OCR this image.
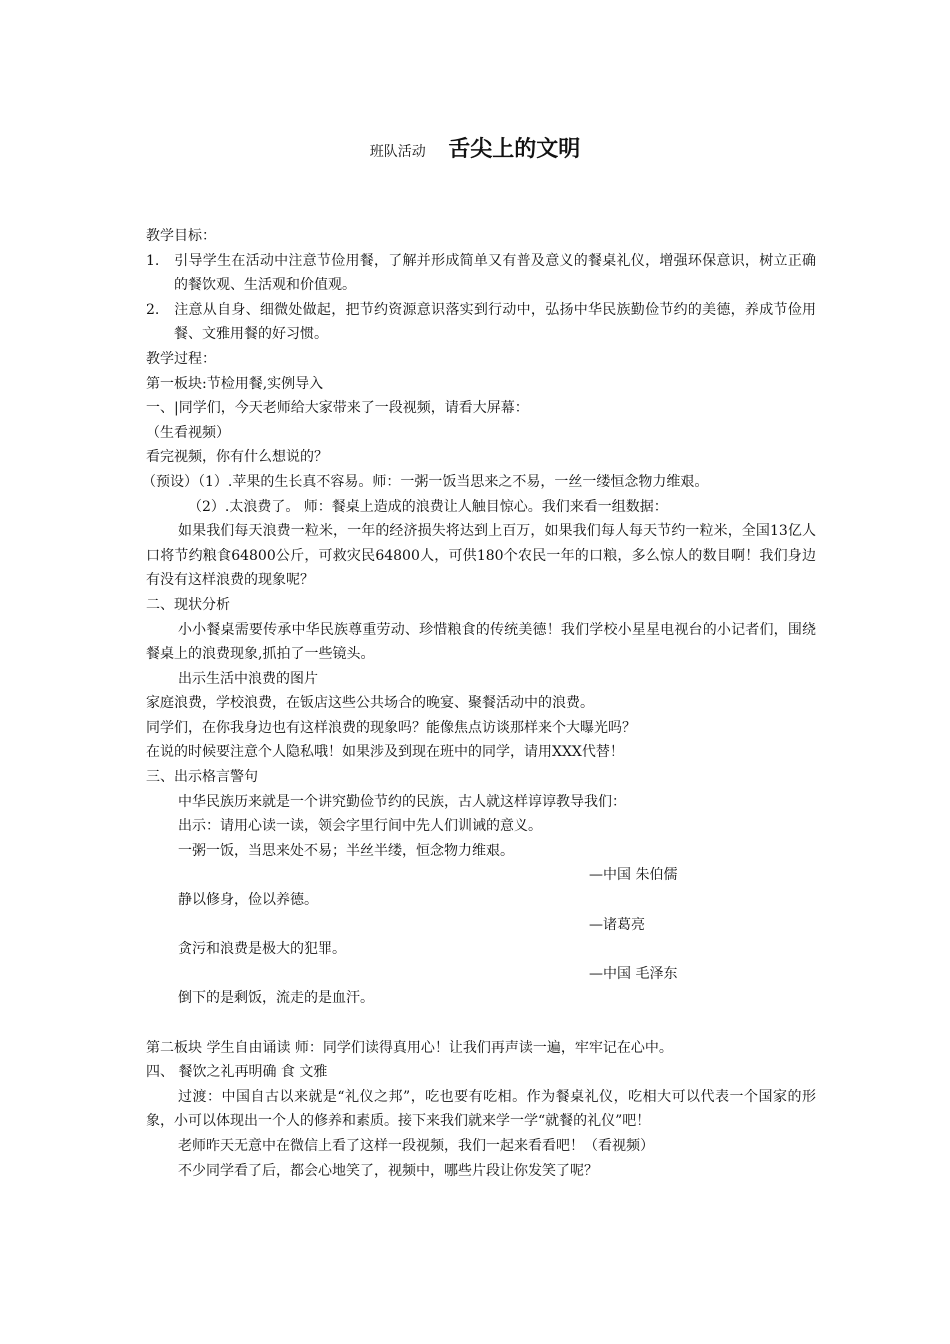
班队活动 舌尖上的文明
教学目标：
1. 引导学生在活动中注意节俭用餐，了解并形成简单又有普及意义的餐桌礼仪，增强环保意识，树立正确的餐饮观、生活观和价值观。
2. 注意从自身、细微处做起，把节约资源意识落实到行动中，弘扬中华民族勤俭节约的美德，养成节俭用餐、文雅用餐的好习惯。
教学过程：
第一板块:节检用餐,实例导入
一、|同学们，今天老师给大家带来了一段视频，请看大屏幕：
（生看视频）
看完视频，你有什么想说的？
（预设）（1）.苹果的生长真不容易。师：一粥一饭当思来之不易，一丝一缕恒念物力维艰。
（2）.太浪费了。 师：餐桌上造成的浪费让人触目惊心。我们来看一组数据：
如果我们每天浪费一粒米，一年的经济损失将达到上百万，如果我们每人每天节约一粒米，全国13亿人口将节约粮食64800公斤，可救灾民64800人，可供180个农民一年的口粮，多么惊人的数目啊！我们身边有没有这样浪费的现象呢？
二、现状分析
小小餐桌需要传承中华民族尊重劳动、珍惜粮食的传统美德！我们学校小星星电视台的小记者们，围绕餐桌上的浪费现象,抓拍了一些镜头。
出示生活中浪费的图片
家庭浪费，学校浪费，在钣店这些公共场合的晚宴、聚餐活动中的浪费。
同学们，在你我身边也有这样浪费的现象吗？能像焦点访谈那样来个大曝光吗？
在说的时候要注意个人隐私哦！如果涉及到现在班中的同学，请用XXX代替！
三、出示格言警句
中华民族历来就是一个讲究勤俭节约的民族，古人就这样谆谆教导我们：
出示：请用心读一读，领会字里行间中先人们训诫的意义。
一粥一饭，当思来处不易；半丝半缕，恒念物力维艰。
—中国 朱伯儒
静以修身，俭以养德。
—诸葛亮
贪污和浪费是极大的犯罪。
—中国 毛泽东
倒下的是剩饭，流走的是血汗。
第二板块 学生自由诵读 师：同学们读得真用心！让我们再声读一遍，牢牢记在心中。
四、 餐饮之礼再明确 食 文雅
过渡：中国自古以来就是“礼仪之邦”，吃也要有吃相。作为餐桌礼仪，吃相大可以代表一个国家的形象，小可以体现出一个人的修养和素质。接下来我们就来学一学“就餐的礼仪”吧！
老师昨天无意中在微信上看了这样一段视频，我们一起来看看吧！（看视频）
不少同学看了后，都会心地笑了，视频中，哪些片段让你发笑了呢？
